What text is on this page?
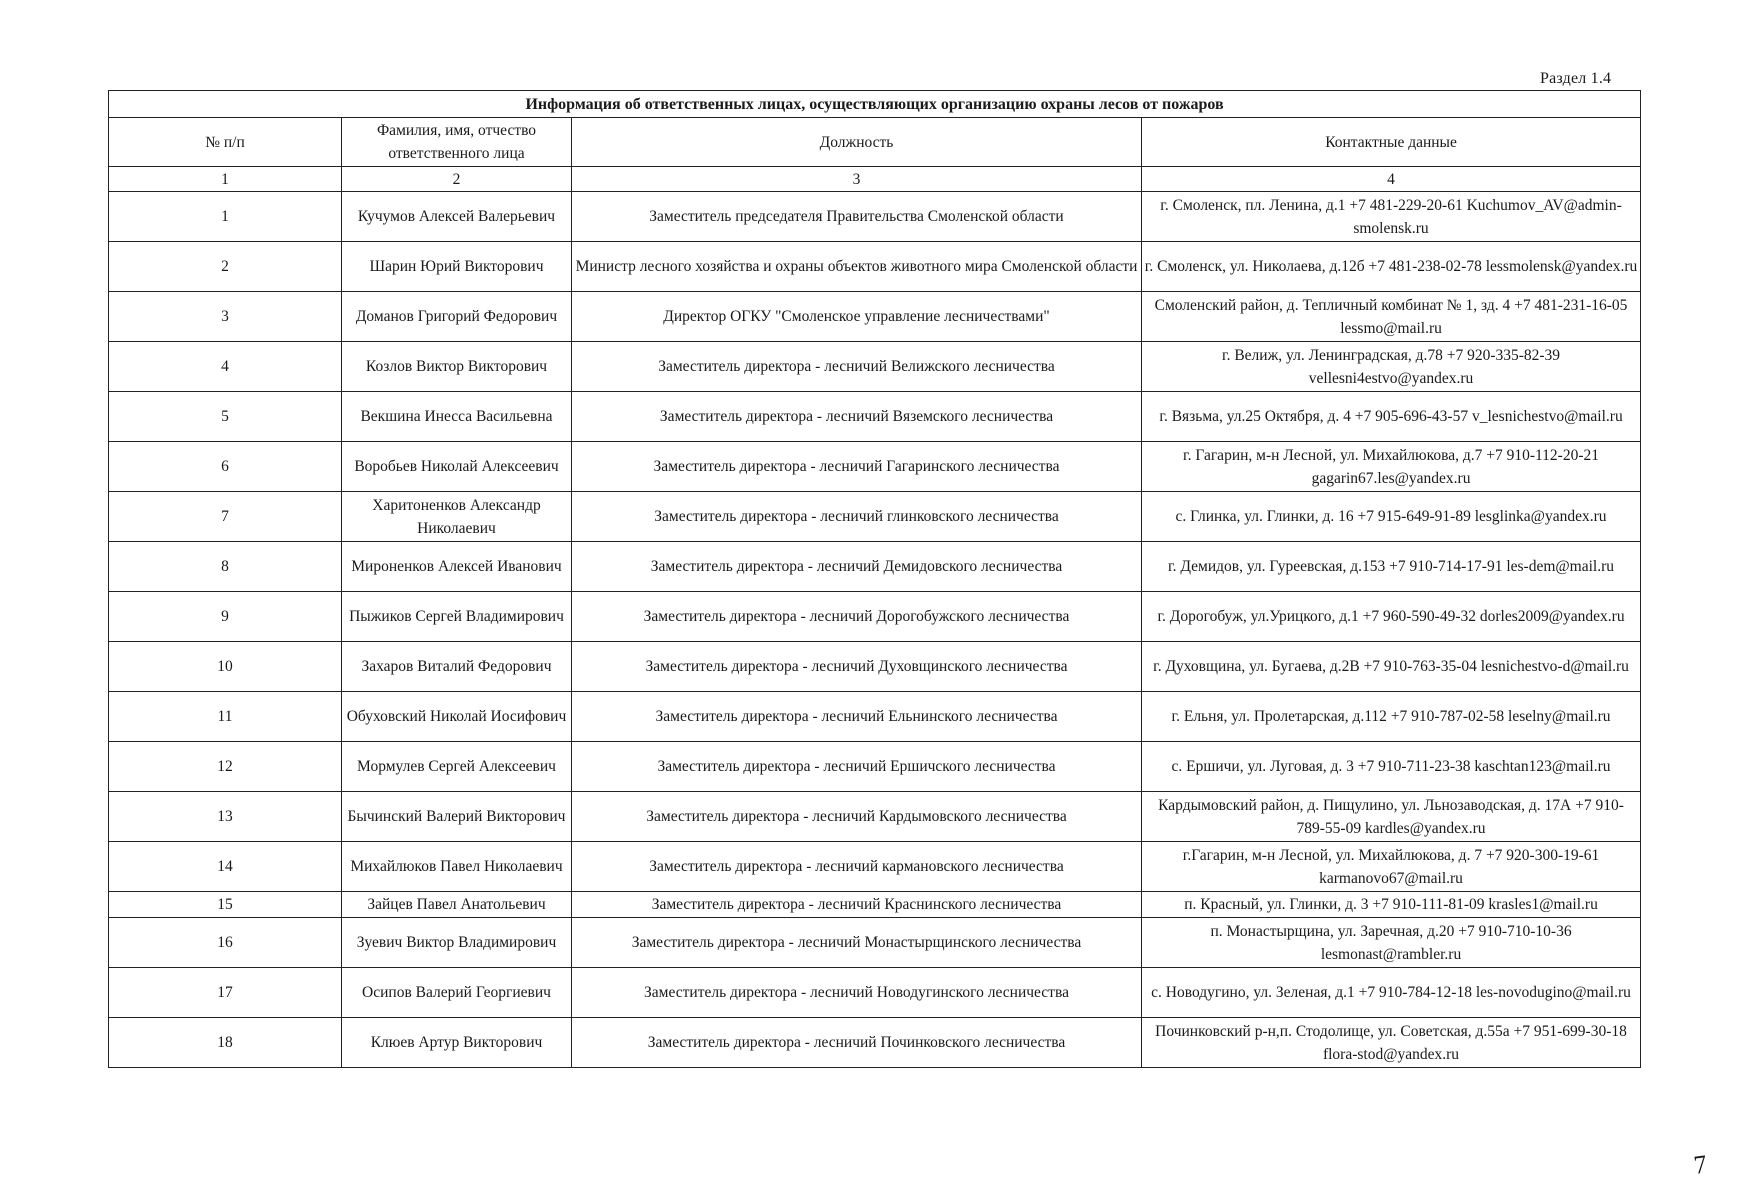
Раздел 1.4
Информация об ответственных лицах, осуществляющих организацию охраны лесов от пожаров			
№ п/п	Фамилия, имя, отчество ответственного лица	Должность	Контактные данные
1	2	3	4
1	Кучумов Алексей Валерьевич	Заместитель председателя Правительства Смоленской области	г. Смоленск, пл. Ленина, д.1 +7 481-229-20-61 Kuchumov_AV@admin-smolensk.ru
2	Шарин Юрий Викторович	Министр лесного хозяйства и охраны объектов животного мира Смоленской области	г. Смоленск, ул. Николаева, д.12б +7 481-238-02-78 lessmolensk@yandex.ru
3	Доманов Григорий Федорович	Директор ОГКУ "Смоленское управление лесничествами"	Смоленский район, д. Тепличный комбинат № 1, зд. 4 +7 481-231-16-05 lessmo@mail.ru
4	Козлов Виктор Викторович	Заместитель директора - лесничий Велижского лесничества	г. Велиж, ул. Ленинградская, д.78 +7 920-335-82-39 vellesni4estvo@yandex.ru
5	Векшина Инесса Васильевна	Заместитель директора - лесничий Вяземского лесничества	г. Вязьма, ул.25 Октября, д. 4 +7 905-696-43-57 v_lesnichestvo@mail.ru
6	Воробьев Николай Алексеевич	Заместитель директора - лесничий Гагаринского лесничества	г. Гагарин, м-н Лесной, ул. Михайлюкова, д.7 +7 910-112-20-21 gagarin67.les@yandex.ru
7	Харитоненков Александр Николаевич	Заместитель директора - лесничий глинковского лесничества	с. Глинка, ул. Глинки, д. 16 +7 915-649-91-89 lesglinka@yandex.ru
8	Мироненков Алексей Иванович	Заместитель директора - лесничий Демидовского лесничества	г. Демидов, ул. Гуреевская, д.153 +7 910-714-17-91 les-dem@mail.ru
9	Пыжиков Сергей Владимирович	Заместитель директора - лесничий Дорогобужского лесничества	г. Дорогобуж, ул.Урицкого, д.1 +7 960-590-49-32 dorles2009@yandex.ru
10	Захаров Виталий Федорович	Заместитель директора - лесничий Духовщинского лесничества	г. Духовщина, ул. Бугаева, д.2В +7 910-763-35-04 lesnichestvo-d@mail.ru
11	Обуховский Николай Иосифович	Заместитель директора - лесничий Ельнинского лесничества	г. Ельня, ул. Пролетарская, д.112 +7 910-787-02-58 leselny@mail.ru
12	Мормулев Сергей Алексеевич	Заместитель директора - лесничий Ершичского лесничества	с. Ершичи, ул. Луговая, д. 3 +7 910-711-23-38 kaschtan123@mail.ru
13	Бычинский Валерий Викторович	Заместитель директора - лесничий Кардымовского лесничества	Кардымовский район, д. Пищулино, ул. Льнозаводская, д. 17А +7 910-789-55-09 kardles@yandex.ru
14	Михайлюков Павел Николаевич	Заместитель директора - лесничий кармановского лесничества	г.Гагарин, м-н Лесной, ул. Михайлюкова, д. 7 +7 920-300-19-61 karmanovo67@mail.ru
15	Зайцев Павел Анатольевич	Заместитель директора - лесничий Краснинского лесничества	п. Красный, ул. Глинки, д. 3 +7 910-111-81-09 krasles1@mail.ru
16	Зуевич Виктор Владимирович	Заместитель директора - лесничий Монастырщинского лесничества	п. Монастырщина, ул. Заречная, д.20 +7 910-710-10-36 lesmonast@rambler.ru
17	Осипов Валерий Георгиевич	Заместитель директора - лесничий Новодугинского лесничества	с. Новодугино, ул. Зеленая, д.1 +7 910-784-12-18 les-novodugino@mail.ru
18	Клюев Артур Викторович	Заместитель директора - лесничий Починковского лесничества	Починковский р-н,п. Стодолище, ул. Советская, д.55а +7 951-699-30-18 flora-stod@yandex.ru
7
